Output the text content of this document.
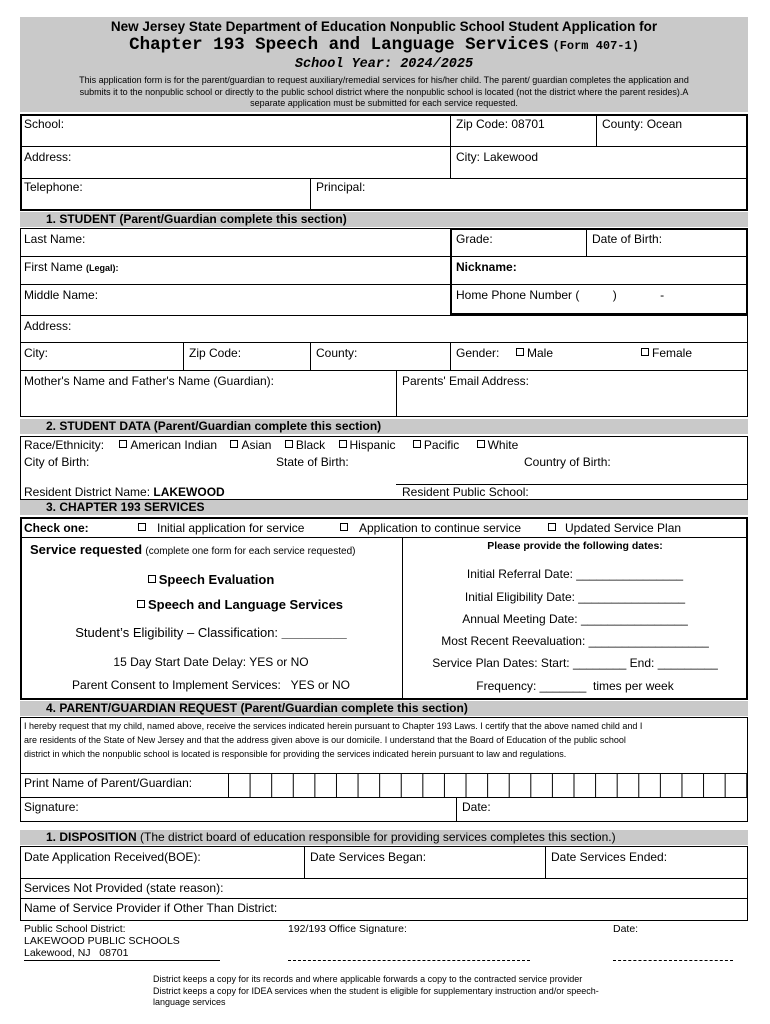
New Jersey State Department of Education Nonpublic School Student Application for
Chapter 193 Speech and Language Services (Form 407-1)
School Year: 2024/2025
This application form is for the parent/guardian to request auxiliary/remedial services for his/her child. The parent/ guardian completes the application and
submits it to the nonpublic school or directly to the public school district where the nonpublic school is located (not the district where the parent resides).A
separate application must be submitted for each service requested.
School:	Zip Code: 08701	County: Ocean
Address:	City: Lakewood
Telephone:	Principal:
1. STUDENT (Parent/Guardian complete this section)
Last Name:	Grade:	Date of Birth:
First Name (Legal):	Nickname:
Middle Name:	Home Phone Number (          )             -
Address:
City:	Zip Code:	County:	Gender:	Male	Female
Mother's Name and Father's Name (Guardian):	Parents' Email Address:
2. STUDENT DATA (Parent/Guardian complete this section)
Race/Ethnicity: American Indian Asian Black Hispanic Pacific White
City of Birth:	State of Birth:	Country of Birth:
Resident District Name: LAKEWOOD	Resident Public School:
3. CHAPTER 193 SERVICES
Check one:	Initial application for service	Application to continue service	Updated Service Plan
Service requested (complete one form for each service requested)
Speech Evaluation
Speech and Language Services
Student’s Eligibility – Classification: _________
15 Day Start Date Delay: YES or NO
Parent Consent to Implement Services:   YES or NO
Please provide the following dates:
Initial Referral Date: ________________
Initial Eligibility Date: ________________
Annual Meeting Date: ________________
Most Recent Reevaluation: __________________
Service Plan Dates: Start: ________ End: _________
Frequency: _______  times per week
4. PARENT/GUARDIAN REQUEST (Parent/Guardian complete this section)
I hereby request that my child, named above, receive the services indicated herein pursuant to Chapter 193 Laws. I certify that the above named child and I
are residents of the State of New Jersey and that the address given above is our domicile. I understand that the Board of Education of the public school
district in which the nonpublic school is located is responsible for providing the services indicated herein pursuant to law and regulations.
Print Name of Parent/Guardian:
Signature:	Date:
1. DISPOSITION (The district board of education responsible for providing services completes this section.)
Date Application Received(BOE):	Date Services Began:	Date Services Ended:
Services Not Provided (state reason):
Name of Service Provider if Other Than District:
Public School District:
LAKEWOOD PUBLIC SCHOOLS
Lakewood, NJ   08701
192/193 Office Signature:	Date:
District keeps a copy for its records and where applicable forwards a copy to the contracted service provider
District keeps a copy for IDEA services when the student is eligible for supplementary instruction and/or speech-
language services
